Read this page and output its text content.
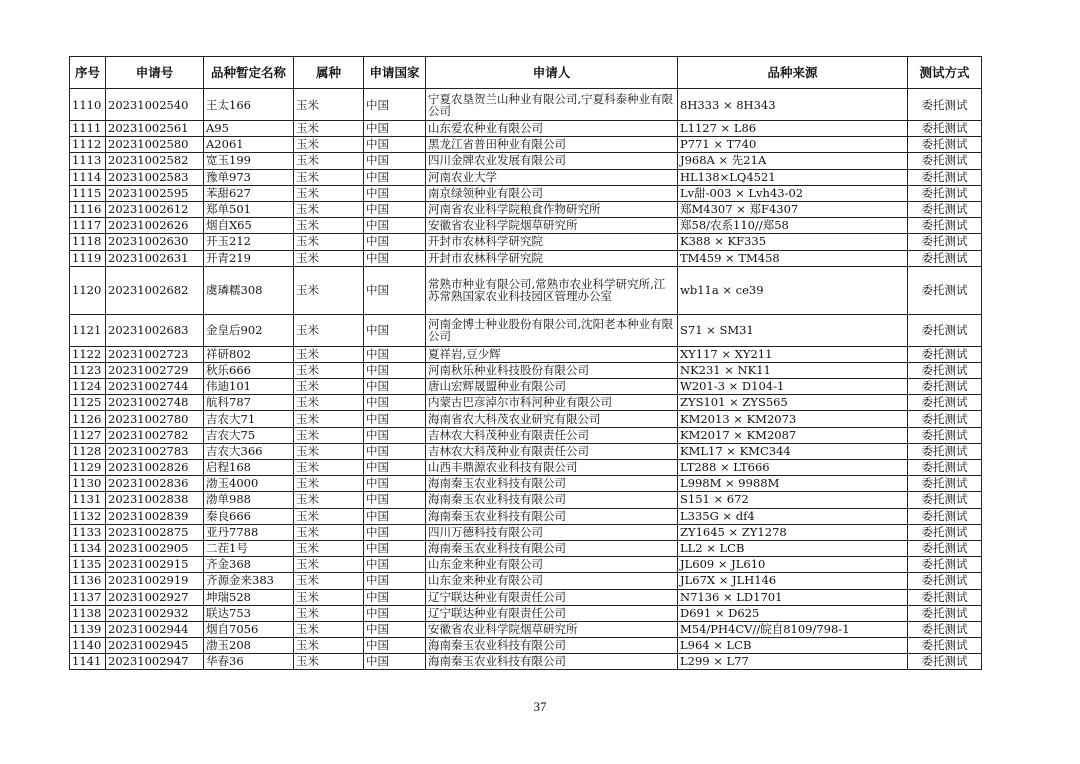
序号	申请号	品种暂定名称	属种	申请国家	申请人	品种来源	测试方式
1110	20231002540	王太166	玉米	中国	宁夏农垦贺兰山种业有限公司,宁夏科泰种业有限公司	8H333 × 8H343	委托测试
1111	20231002561	A95	玉米	中国	山东爱农种业有限公司	L1127 × L86	委托测试
1112	20231002580	A2061	玉米	中国	黑龙江省普田种业有限公司	P771 × T740	委托测试
1113	20231002582	宽玉199	玉米	中国	四川金牌农业发展有限公司	J968A × 先21A	委托测试
1114	20231002583	豫单973	玉米	中国	河南农业大学	HL138×LQ4521	委托测试
1115	20231002595	苯甜627	玉米	中国	南京绿领种业有限公司	Lv甜-003 × Lvh43-02	委托测试
1116	20231002612	郑单501	玉米	中国	河南省农业科学院粮食作物研究所	郑M4307 × 郑F4307	委托测试
1117	20231002626	烟自X65	玉米	中国	安徽省农业科学院烟草研究所	郑58/农系110//郑58	委托测试
1118	20231002630	开玉212	玉米	中国	开封市农林科学研究院	K388 × KF335	委托测试
1119	20231002631	开青219	玉米	中国	开封市农林科学研究院	TM459 × TM458	委托测试
1120	20231002682	虞璘糯308	玉米	中国	常熟市种业有限公司,常熟市农业科学研究所,江苏常熟国家农业科技园区管理办公室	wb11a × ce39	委托测试
1121	20231002683	金皇后902	玉米	中国	河南金博士种业股份有限公司,沈阳老本种业有限公司	S71 × SM31	委托测试
1122	20231002723	祥研802	玉米	中国	夏祥岩,豆少辉	XY117 × XY211	委托测试
1123	20231002729	秋乐666	玉米	中国	河南秋乐种业科技股份有限公司	NK231 × NK11	委托测试
1124	20231002744	伟迪101	玉米	中国	唐山宏辉晟盟种业有限公司	W201-3 × D104-1	委托测试
1125	20231002748	航科787	玉米	中国	内蒙古巴彦淖尔市科河种业有限公司	ZYS101 × ZYS565	委托测试
1126	20231002780	吉农大71	玉米	中国	海南省农大科茂农业研究有限公司	KM2013 × KM2073	委托测试
1127	20231002782	吉农大75	玉米	中国	吉林农大科茂种业有限责任公司	KM2017 × KM2087	委托测试
1128	20231002783	吉农大366	玉米	中国	吉林农大科茂种业有限责任公司	KML17 × KMC344	委托测试
1129	20231002826	启程168	玉米	中国	山西丰鼎源农业科技有限公司	LT288 × LT666	委托测试
1130	20231002836	渤玉4000	玉米	中国	海南秦玉农业科技有限公司	L998M × 9988M	委托测试
1131	20231002838	渤单988	玉米	中国	海南秦玉农业科技有限公司	S151 × 672	委托测试
1132	20231002839	秦良666	玉米	中国	海南秦玉农业科技有限公司	L335G × df4	委托测试
1133	20231002875	亚丹7788	玉米	中国	四川万德科技有限公司	ZY1645 × ZY1278	委托测试
1134	20231002905	二茬1号	玉米	中国	海南秦玉农业科技有限公司	LL2 × LCB	委托测试
1135	20231002915	齐金368	玉米	中国	山东金来种业有限公司	JL609 × JL610	委托测试
1136	20231002919	齐源金来383	玉米	中国	山东金来种业有限公司	JL67X × JLH146	委托测试
1137	20231002927	坤瑞528	玉米	中国	辽宁联达种业有限责任公司	N7136 × LD1701	委托测试
1138	20231002932	联达753	玉米	中国	辽宁联达种业有限责任公司	D691 × D625	委托测试
1139	20231002944	烟自7056	玉米	中国	安徽省农业科学院烟草研究所	M54/PH4CV//皖自8109/798-1	委托测试
1140	20231002945	渤玉208	玉米	中国	海南秦玉农业科技有限公司	L964 × LCB	委托测试
1141	20231002947	华春36	玉米	中国	海南秦玉农业科技有限公司	L299 × L77	委托测试
37
